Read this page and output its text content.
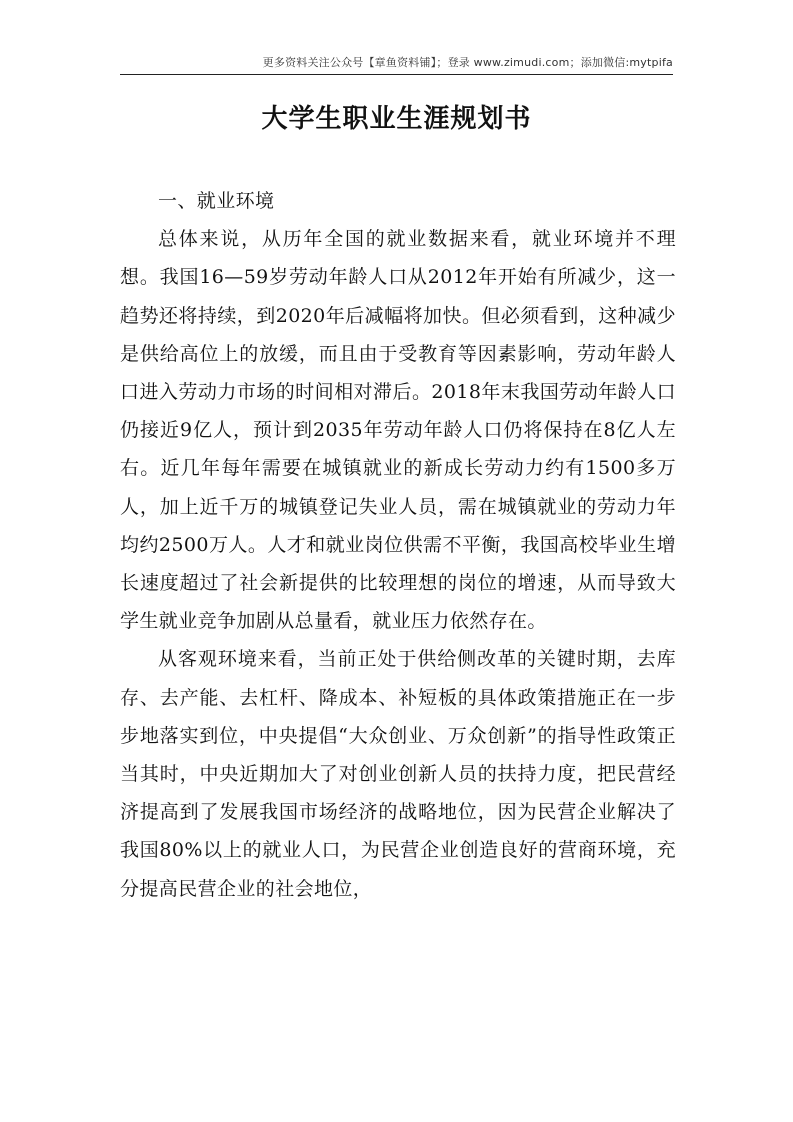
更多资料关注公众号【章鱼资料铺】；登录 www.zimudi.com；添加微信:mytpifa
大学生职业生涯规划书
一、就业环境

总体来说，从历年全国的就业数据来看，就业环境并不理想。我国16—59岁劳动年龄人口从2012年开始有所减少，这一趋势还将持续，到2020年后减幅将加快。但必须看到，这种减少是供给高位上的放缓，而且由于受教育等因素影响，劳动年龄人口进入劳动力市场的时间相对滞后。2018年末我国劳动年龄人口仍接近9亿人，预计到2035年劳动年龄人口仍将保持在8亿人左右。近几年每年需要在城镇就业的新成长劳动力约有1500多万人，加上近千万的城镇登记失业人员，需在城镇就业的劳动力年均约2500万人。人才和就业岗位供需不平衡，我国高校毕业生增长速度超过了社会新提供的比较理想的岗位的增速，从而导致大学生就业竞争加剧从总量看，就业压力依然存在。

从客观环境来看，当前正处于供给侧改革的关键时期，去库存、去产能、去杠杆、降成本、补短板的具体政策措施正在一步步地落实到位，中央提倡“大众创业、万众创新”的指导性政策正当其时，中央近期加大了对创业创新人员的扶持力度，把民营经济提高到了发展我国市场经济的战略地位，因为民营企业解决了我国80%以上的就业人口，为民营企业创造良好的营商环境，充分提高民营企业的社会地位，
